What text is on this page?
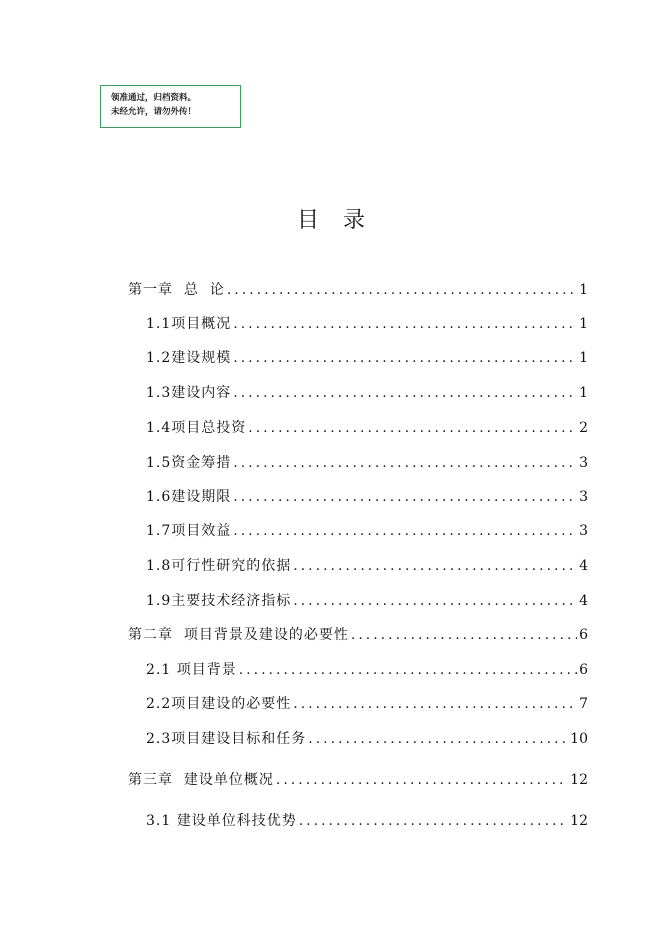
领准通过，归档资料。
未经允许，请勿外传！
目录
第一章  总  论 .....	1
1.1项目概况 .....	1
1.2建设规模 .....	1
1.3建设内容 .....	1
1.4项目总投资 .....	2
1.5资金筹措 .....	3
1.6建设期限 .....	3
1.7项目效益 .....	3
1.8可行性研究的依据 .....	4
1.9主要技术经济指标 .....	4
第二章  项目背景及建设的必要性 .....	6
2.1 项目背景 .....	6
2.2项目建设的必要性 .....	7
2.3项目建设目标和任务 .....	10
第三章  建设单位概况 .....	12
3.1 建设单位科技优势 .....	12
